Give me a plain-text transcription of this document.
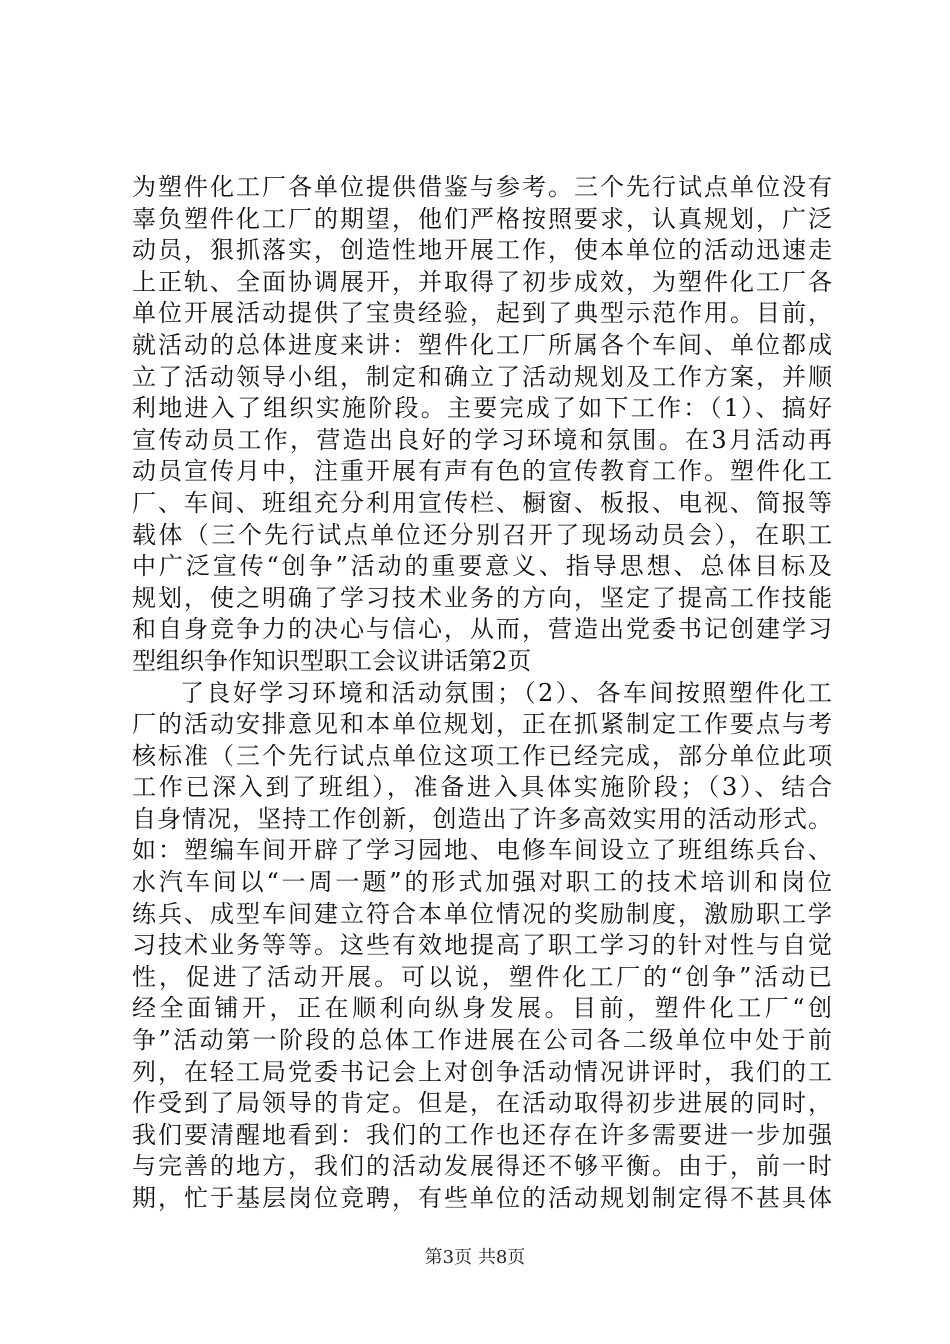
为塑件化工厂各单位提供借鉴与参考。三个先行试点单位没有
辜负塑件化工厂的期望，他们严格按照要求，认真规划，广泛
动员，狠抓落实，创造性地开展工作，使本单位的活动迅速走
上正轨、全面协调展开，并取得了初步成效，为塑件化工厂各
单位开展活动提供了宝贵经验，起到了典型示范作用。目前，
就活动的总体进度来讲：塑件化工厂所属各个车间、单位都成
立了活动领导小组，制定和确立了活动规划及工作方案，并顺
利地进入了组织实施阶段。主要完成了如下工作：（1）、搞好
宣传动员工作，营造出良好的学习环境和氛围。在3月活动再
动员宣传月中，注重开展有声有色的宣传教育工作。塑件化工
厂、车间、班组充分利用宣传栏、橱窗、板报、电视、简报等
载体（三个先行试点单位还分别召开了现场动员会），在职工
中广泛宣传“创争”活动的重要意义、指导思想、总体目标及
规划，使之明确了学习技术业务的方向，坚定了提高工作技能
和自身竞争力的决心与信心，从而，营造出党委书记创建学习
型组织争作知识型职工会议讲话第2页
了良好学习环境和活动氛围；（2）、各车间按照塑件化工
厂的活动安排意见和本单位规划，正在抓紧制定工作要点与考
核标准（三个先行试点单位这项工作已经完成，部分单位此项
工作已深入到了班组），准备进入具体实施阶段；（3）、结合
自身情况，坚持工作创新，创造出了许多高效实用的活动形式。
如：塑编车间开辟了学习园地、电修车间设立了班组练兵台、
水汽车间以“一周一题”的形式加强对职工的技术培训和岗位
练兵、成型车间建立符合本单位情况的奖励制度，激励职工学
习技术业务等等。这些有效地提高了职工学习的针对性与自觉
性，促进了活动开展。可以说，塑件化工厂的“创争”活动已
经全面铺开，正在顺利向纵身发展。目前，塑件化工厂“创
争”活动第一阶段的总体工作进展在公司各二级单位中处于前
列，在轻工局党委书记会上对创争活动情况讲评时，我们的工
作受到了局领导的肯定。但是，在活动取得初步进展的同时，
我们要清醒地看到：我们的工作也还存在许多需要进一步加强
与完善的地方，我们的活动发展得还不够平衡。由于，前一时
期，忙于基层岗位竞聘，有些单位的活动规划制定得不甚具体
第3页 共8页
